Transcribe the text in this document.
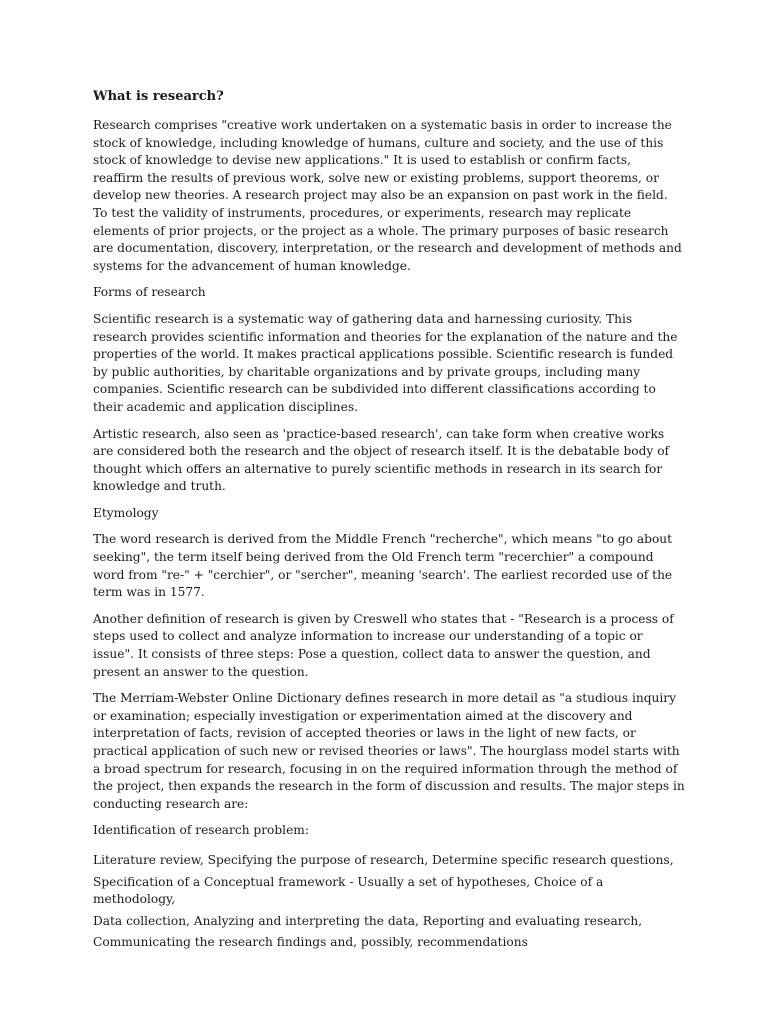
What is research?

Research comprises "creative work undertaken on a systematic basis in order to increase the stock of knowledge, including knowledge of humans, culture and society, and the use of this stock of knowledge to devise new applications." It is used to establish or confirm facts, reaffirm the results of previous work, solve new or existing problems, support theorems, or develop new theories. A research project may also be an expansion on past work in the field. To test the validity of instruments, procedures, or experiments, research may replicate elements of prior projects, or the project as a whole. The primary purposes of basic research are documentation, discovery, interpretation, or the research and development of methods and systems for the advancement of human knowledge.

Forms of research

Scientific research is a systematic way of gathering data and harnessing curiosity. This research provides scientific information and theories for the explanation of the nature and the properties of the world. It makes practical applications possible. Scientific research is funded by public authorities, by charitable organizations and by private groups, including many companies. Scientific research can be subdivided into different classifications according to their academic and application disciplines.

Artistic research, also seen as 'practice-based research', can take form when creative works are considered both the research and the object of research itself. It is the debatable body of thought which offers an alternative to purely scientific methods in research in its search for knowledge and truth.

Etymology

The word research is derived from the Middle French "recherche", which means "to go about seeking", the term itself being derived from the Old French term "recerchier" a compound word from "re-" + "cerchier", or "sercher", meaning 'search'. The earliest recorded use of the term was in 1577.

Another definition of research is given by Creswell who states that - "Research is a process of steps used to collect and analyze information to increase our understanding of a topic or issue". It consists of three steps: Pose a question, collect data to answer the question, and present an answer to the question.

The Merriam-Webster Online Dictionary defines research in more detail as "a studious inquiry or examination; especially investigation or experimentation aimed at the discovery and interpretation of facts, revision of accepted theories or laws in the light of new facts, or practical application of such new or revised theories or laws". The hourglass model starts with a broad spectrum for research, focusing in on the required information through the method of the project, then expands the research in the form of discussion and results. The major steps in conducting research are:

Identification of research problem:
Literature review, Specifying the purpose of research, Determine specific research questions,
Specification of a Conceptual framework - Usually a set of hypotheses, Choice of a methodology,
Data collection, Analyzing and interpreting the data, Reporting and evaluating research,
Communicating the research findings and, possibly, recommendations
